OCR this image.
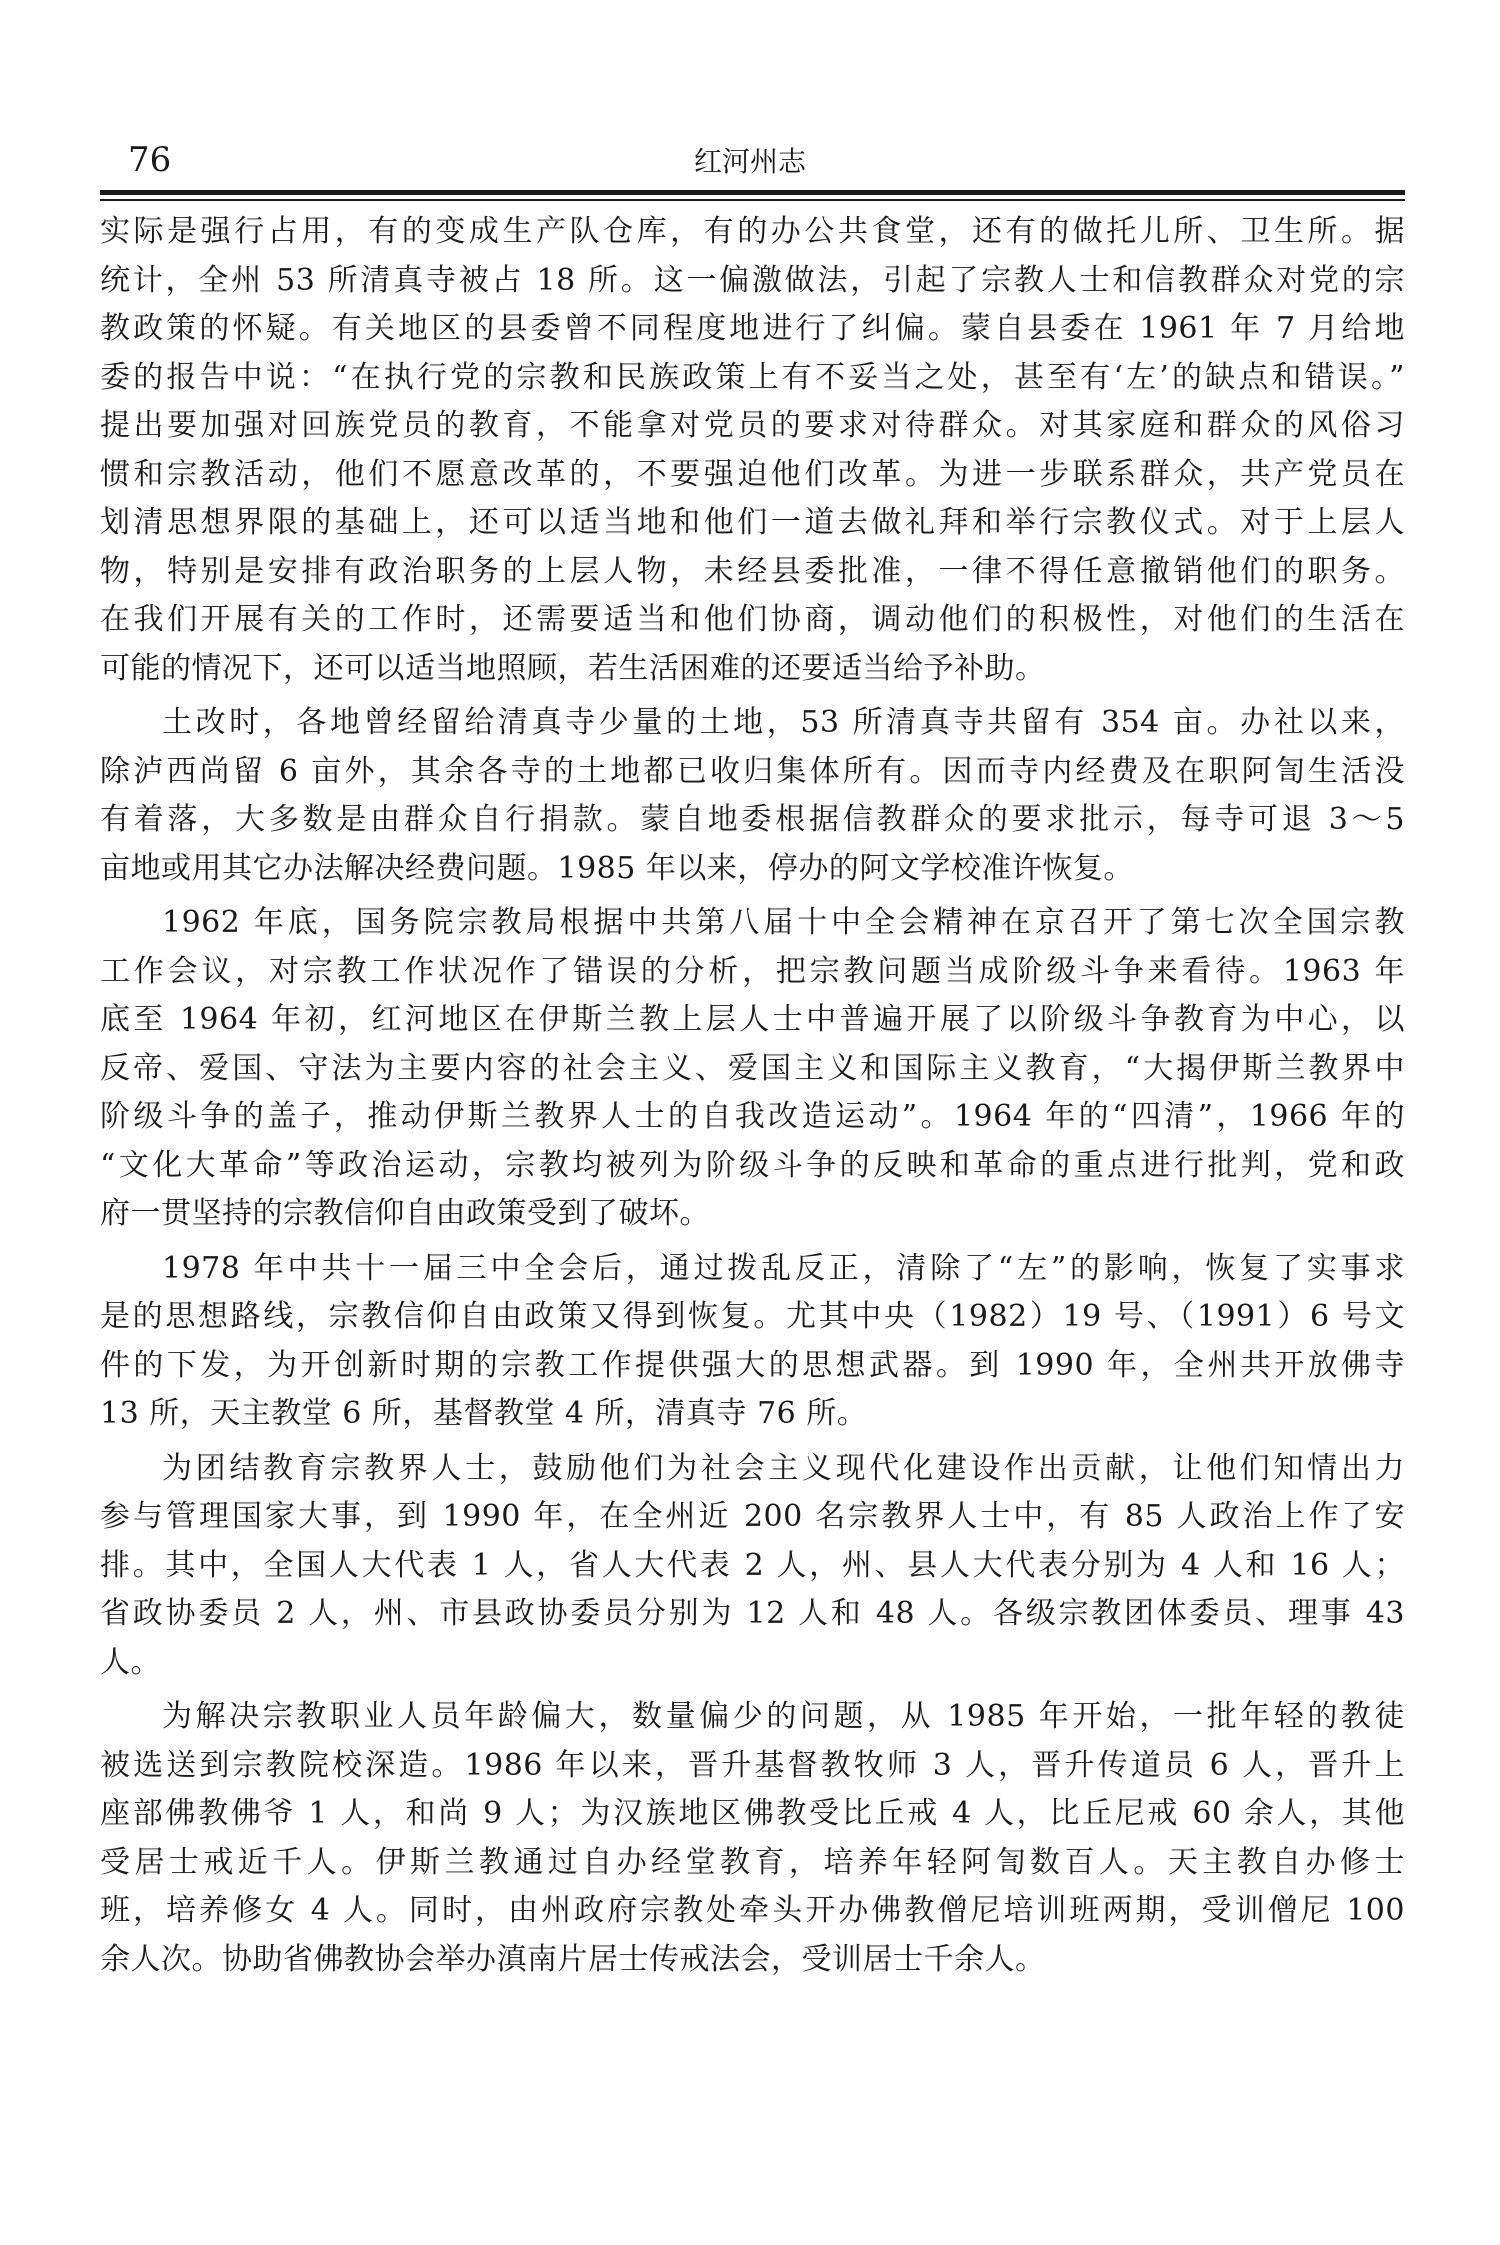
76	红河州志
实际是强行占用，有的变成生产队仓库，有的办公共食堂，还有的做托儿所、卫生所。据
统计，全州 53 所清真寺被占 18 所。这一偏激做法，引起了宗教人士和信教群众对党的宗
教政策的怀疑。有关地区的县委曾不同程度地进行了纠偏。蒙自县委在 1961 年 7 月给地
委的报告中说：“在执行党的宗教和民族政策上有不妥当之处，甚至有‘左’的缺点和错误。”
提出要加强对回族党员的教育，不能拿对党员的要求对待群众。对其家庭和群众的风俗习
惯和宗教活动，他们不愿意改革的，不要强迫他们改革。为进一步联系群众，共产党员在
划清思想界限的基础上，还可以适当地和他们一道去做礼拜和举行宗教仪式。对于上层人
物，特别是安排有政治职务的上层人物，未经县委批准，一律不得任意撤销他们的职务。
在我们开展有关的工作时，还需要适当和他们协商，调动他们的积极性，对他们的生活在
可能的情况下，还可以适当地照顾，若生活困难的还要适当给予补助。
土改时，各地曾经留给清真寺少量的土地，53 所清真寺共留有 354 亩。办社以来，
除泸西尚留 6 亩外，其余各寺的土地都已收归集体所有。因而寺内经费及在职阿訇生活没
有着落，大多数是由群众自行捐款。蒙自地委根据信教群众的要求批示，每寺可退 3～5
亩地或用其它办法解决经费问题。1985 年以来，停办的阿文学校准许恢复。
1962 年底，国务院宗教局根据中共第八届十中全会精神在京召开了第七次全国宗教
工作会议，对宗教工作状况作了错误的分析，把宗教问题当成阶级斗争来看待。1963 年
底至 1964 年初，红河地区在伊斯兰教上层人士中普遍开展了以阶级斗争教育为中心，以
反帝、爱国、守法为主要内容的社会主义、爱国主义和国际主义教育，“大揭伊斯兰教界中
阶级斗争的盖子，推动伊斯兰教界人士的自我改造运动”。1964 年的“四清”，1966 年的
“文化大革命”等政治运动，宗教均被列为阶级斗争的反映和革命的重点进行批判，党和政
府一贯坚持的宗教信仰自由政策受到了破坏。
1978 年中共十一届三中全会后，通过拨乱反正，清除了“左”的影响，恢复了实事求
是的思想路线，宗教信仰自由政策又得到恢复。尤其中央（1982）19 号、（1991）6 号文
件的下发，为开创新时期的宗教工作提供强大的思想武器。到 1990 年，全州共开放佛寺
13 所，天主教堂 6 所，基督教堂 4 所，清真寺 76 所。
为团结教育宗教界人士，鼓励他们为社会主义现代化建设作出贡献，让他们知情出力
参与管理国家大事，到 1990 年，在全州近 200 名宗教界人士中，有 85 人政治上作了安
排。其中，全国人大代表 1 人，省人大代表 2 人，州、县人大代表分别为 4 人和 16 人；
省政协委员 2 人，州、市县政协委员分别为 12 人和 48 人。各级宗教团体委员、理事 43
人。
为解决宗教职业人员年龄偏大，数量偏少的问题，从 1985 年开始，一批年轻的教徒
被选送到宗教院校深造。1986 年以来，晋升基督教牧师 3 人，晋升传道员 6 人，晋升上
座部佛教佛爷 1 人，和尚 9 人；为汉族地区佛教受比丘戒 4 人，比丘尼戒 60 余人，其他
受居士戒近千人。伊斯兰教通过自办经堂教育，培养年轻阿訇数百人。天主教自办修士
班，培养修女 4 人。同时，由州政府宗教处牵头开办佛教僧尼培训班两期，受训僧尼 100
余人次。协助省佛教协会举办滇南片居士传戒法会，受训居士千余人。
